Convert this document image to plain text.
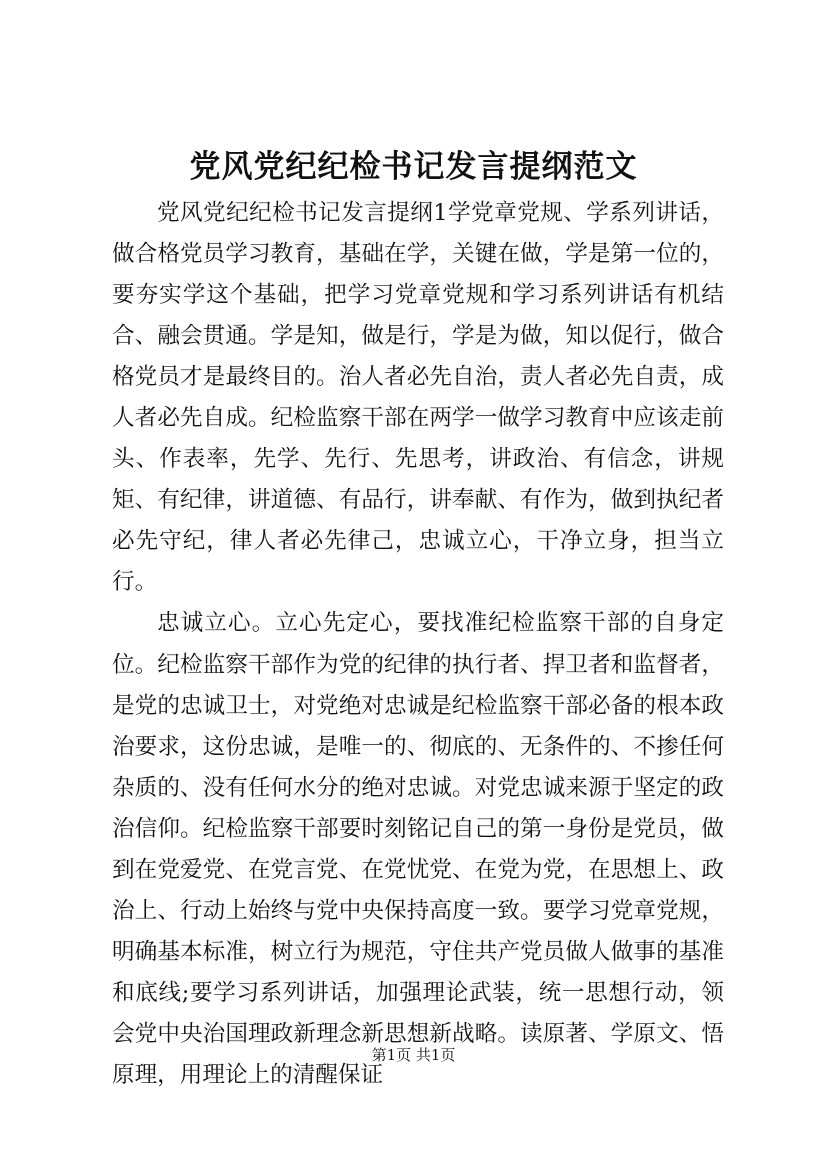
党风党纪纪检书记发言提纲范文

党风党纪纪检书记发言提纲1学党章党规、学系列讲话，做合格党员学习教育，基础在学，关键在做，学是第一位的，要夯实学这个基础，把学习党章党规和学习系列讲话有机结合、融会贯通。学是知，做是行，学是为做，知以促行，做合格党员才是最终目的。治人者必先自治，责人者必先自责，成人者必先自成。纪检监察干部在两学一做学习教育中应该走前头、作表率，先学、先行、先思考，讲政治、有信念，讲规矩、有纪律，讲道德、有品行，讲奉献、有作为，做到执纪者必先守纪，律人者必先律己，忠诚立心，干净立身，担当立行。

忠诚立心。立心先定心，要找准纪检监察干部的自身定位。纪检监察干部作为党的纪律的执行者、捍卫者和监督者，是党的忠诚卫士，对党绝对忠诚是纪检监察干部必备的根本政治要求，这份忠诚，是唯一的、彻底的、无条件的、不掺任何杂质的、没有任何水分的绝对忠诚。对党忠诚来源于坚定的政治信仰。纪检监察干部要时刻铭记自己的第一身份是党员，做到在党爱党、在党言党、在党忧党、在党为党，在思想上、政治上、行动上始终与党中央保持高度一致。要学习党章党规，明确基本标准，树立行为规范，守住共产党员做人做事的基准和底线;要学习系列讲话，加强理论武装，统一思想行动，领会党中央治国理政新理念新思想新战略。读原著、学原文、悟原理，用理论上的清醒保证

第1页 共1页
